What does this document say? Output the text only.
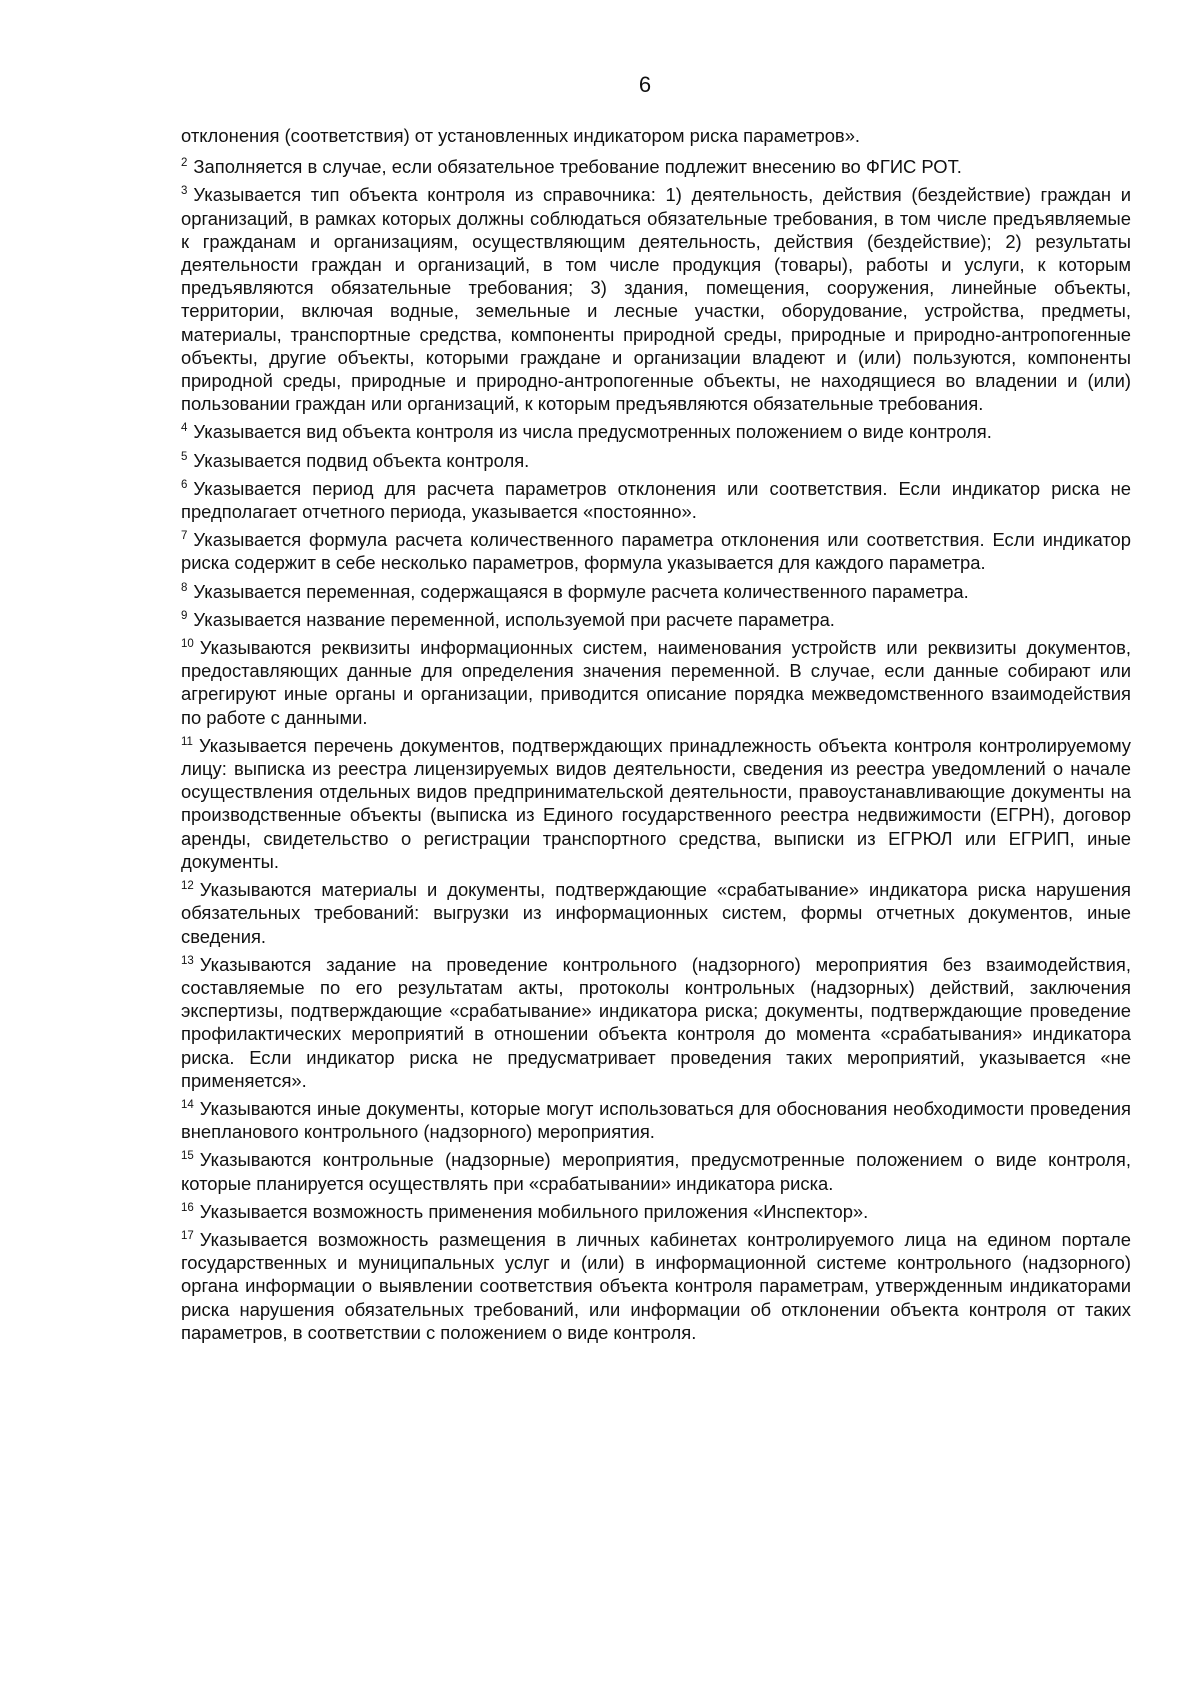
6

отклонения (соответствия) от установленных индикатором риска параметров».

$^2$ Заполняется в случае, если обязательное требование подлежит внесению во ФГИС РОТ.

$^3$ Указывается тип объекта контроля из справочника: 1) деятельность, действия (бездействие) граждан и организаций, в рамках которых должны соблюдаться обязательные требования, в том числе предъявляемые к гражданам и организациям, осуществляющим деятельность, действия (бездействие); 2) результаты деятельности граждан и организаций, в том числе продукция (товары), работы и услуги, к которым предъявляются обязательные требования; 3) здания, помещения, сооружения, линейные объекты, территории, включая водные, земельные и лесные участки, оборудование, устройства, предметы, материалы, транспортные средства, компоненты природной среды, природные и природно-антропогенные объекты, другие объекты, которыми граждане и организации владеют и (или) пользуются, компоненты природной среды, природные и природно-антропогенные объекты, не находящиеся во владении и (или) пользовании граждан или организаций, к которым предъявляются обязательные требования.

$^4$ Указывается вид объекта контроля из числа предусмотренных положением о виде контроля.

$^5$ Указывается подвид объекта контроля.

$^6$ Указывается период для расчета параметров отклонения или соответствия. Если индикатор риска не предполагает отчетного периода, указывается «постоянно».

$^7$ Указывается формула расчета количественного параметра отклонения или соответствия. Если индикатор риска содержит в себе несколько параметров, формула указывается для каждого параметра.

$^8$ Указывается переменная, содержащаяся в формуле расчета количественного параметра.

$^9$ Указывается название переменной, используемой при расчете параметра.

$^{10}$ Указываются реквизиты информационных систем, наименования устройств или реквизиты документов, предоставляющих данные для определения значения переменной. В случае, если данные собирают или агрегируют иные органы и организации, приводится описание порядка межведомственного взаимодействия по работе с данными.

$^{11}$ Указывается перечень документов, подтверждающих принадлежность объекта контроля контролируемому лицу: выписка из реестра лицензируемых видов деятельности, сведения из реестра уведомлений о начале осуществления отдельных видов предпринимательской деятельности, правоустанавливающие документы на производственные объекты (выписка из Единого государственного реестра недвижимости (ЕГРН), договор аренды, свидетельство о регистрации транспортного средства, выписки из ЕГРЮЛ или ЕГРИП, иные документы.

$^{12}$ Указываются материалы и документы, подтверждающие «срабатывание» индикатора риска нарушения обязательных требований: выгрузки из информационных систем, формы отчетных документов, иные сведения.

$^{13}$ Указываются задание на проведение контрольного (надзорного) мероприятия без взаимодействия, составляемые по его результатам акты, протоколы контрольных (надзорных) действий, заключения экспертизы, подтверждающие «срабатывание» индикатора риска; документы, подтверждающие проведение профилактических мероприятий в отношении объекта контроля до момента «срабатывания» индикатора риска. Если индикатор риска не предусматривает проведения таких мероприятий, указывается «не применяется».

$^{14}$ Указываются иные документы, которые могут использоваться для обоснования необходимости проведения внепланового контрольного (надзорного) мероприятия.

$^{15}$ Указываются контрольные (надзорные) мероприятия, предусмотренные положением о виде контроля, которые планируется осуществлять при «срабатывании» индикатора риска.

$^{16}$ Указывается возможность применения мобильного приложения «Инспектор».

$^{17}$ Указывается возможность размещения в личных кабинетах контролируемого лица на едином портале государственных и муниципальных услуг и (или) в информационной системе контрольного (надзорного) органа информации о выявлении соответствия объекта контроля параметрам, утвержденным индикаторами риска нарушения обязательных требований, или информации об отклонении объекта контроля от таких параметров, в соответствии с положением о виде контроля.
